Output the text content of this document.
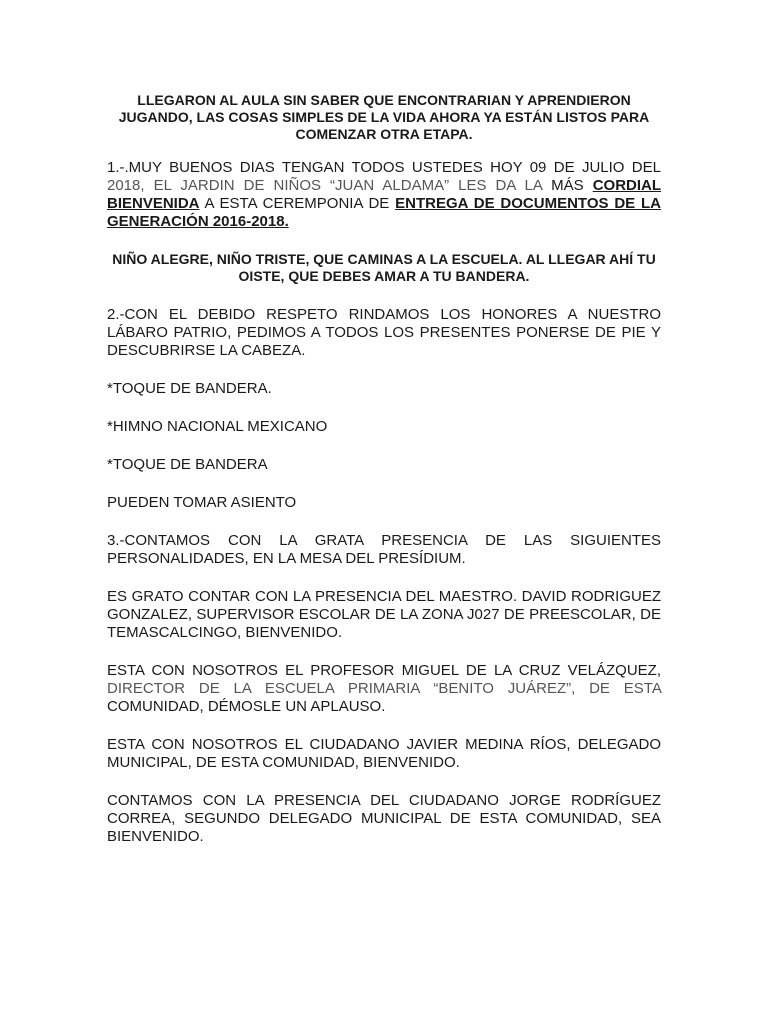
LLEGARON AL AULA SIN SABER QUE ENCONTRARIAN Y APRENDIERON JUGANDO, LAS COSAS SIMPLES DE LA VIDA AHORA YA ESTÁN LISTOS PARA COMENZAR OTRA ETAPA.
1.-.MUY BUENOS DIAS TENGAN TODOS USTEDES HOY 09 DE JULIO DEL 2018, EL JARDIN DE NIÑOS “JUAN ALDAMA” LES DA LA MÁS CORDIAL BIENVENIDA A ESTA CEREMPONIA DE ENTREGA DE DOCUMENTOS DE LA GENERACIÓN 2016-2018.
NIÑO ALEGRE, NIÑO TRISTE, QUE CAMINAS A LA ESCUELA. AL LLEGAR AHÍ TU OISTE, QUE DEBES AMAR A TU BANDERA.
2.-CON EL DEBIDO RESPETO RINDAMOS LOS HONORES A NUESTRO LÁBARO PATRIO, PEDIMOS A TODOS LOS PRESENTES PONERSE DE PIE Y DESCUBRIRSE LA CABEZA.
*TOQUE DE BANDERA.
*HIMNO NACIONAL MEXICANO
*TOQUE DE BANDERA
PUEDEN TOMAR ASIENTO
3.-CONTAMOS CON LA GRATA PRESENCIA DE LAS SIGUIENTES PERSONALIDADES, EN LA MESA DEL PRESÍDIUM.
ES GRATO CONTAR CON LA PRESENCIA DEL MAESTRO. DAVID RODRIGUEZ GONZALEZ, SUPERVISOR ESCOLAR DE LA ZONA J027 DE PREESCOLAR, DE TEMASCALCINGO, BIENVENIDO.
ESTA CON NOSOTROS EL PROFESOR MIGUEL DE LA CRUZ VELÁZQUEZ, DIRECTOR DE LA ESCUELA PRIMARIA “BENITO JUÁREZ”, DE ESTA COMUNIDAD, DÉMOSLE UN APLAUSO.
ESTA CON NOSOTROS EL CIUDADANO JAVIER MEDINA RÍOS, DELEGADO MUNICIPAL, DE ESTA COMUNIDAD, BIENVENIDO.
CONTAMOS CON LA PRESENCIA DEL CIUDADANO JORGE RODRÍGUEZ CORREA, SEGUNDO DELEGADO MUNICIPAL DE ESTA COMUNIDAD, SEA BIENVENIDO.
